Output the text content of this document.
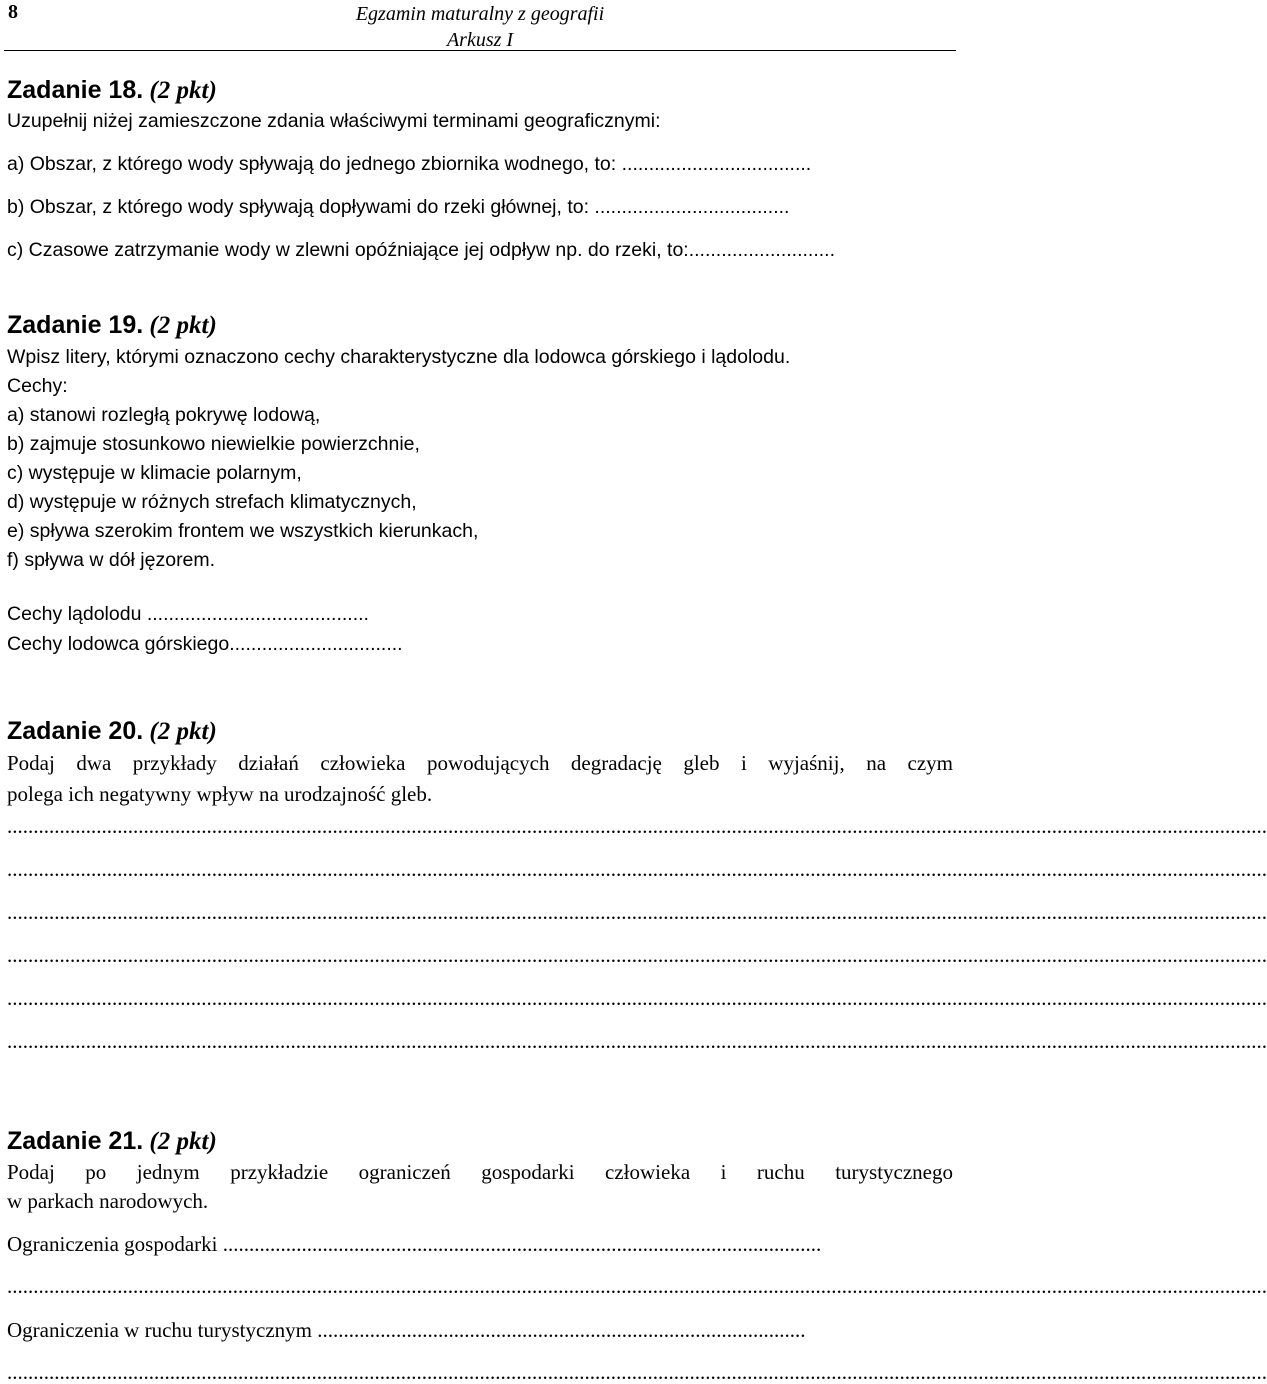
8	Egzamin maturalny z geografii
Arkusz I
Zadanie 18. (2 pkt)
Uzupełnij niżej zamieszczone zdania właściwymi terminami geograficznymi:
a) Obszar, z którego wody spływają do jednego zbiornika wodnego, to: ...................................
b) Obszar, z którego wody spływają dopływami do rzeki głównej, to: ....................................
c) Czasowe zatrzymanie wody w zlewni opóźniające jej odpływ np. do rzeki, to:...........................
Zadanie 19. (2 pkt)
Wpisz litery, którymi oznaczono cechy charakterystyczne dla lodowca górskiego i lądolodu.
Cechy:
a) stanowi rozległą pokrywę lodową,
b) zajmuje stosunkowo niewielkie powierzchnie,
c) występuje w klimacie polarnym,
d) występuje w różnych strefach klimatycznych,
e) spływa szerokim frontem we wszystkich kierunkach,
f) spływa w dół jęzorem.
Cechy lądolodu .........................................
Cechy lodowca górskiego................................
Zadanie 20. (2 pkt)
Podaj dwa przykłady działań człowieka powodujących degradację gleb i wyjaśnij, na czym
polega ich negatywny wpływ na urodzajność gleb.
................................................................................................................................................................................................................................................
................................................................................................................................................................................................................................................
................................................................................................................................................................................................................................................
................................................................................................................................................................................................................................................
................................................................................................................................................................................................................................................
................................................................................................................................................................................................................................................
Zadanie 21. (2 pkt)
Podaj po jednym przykładzie ograniczeń gospodarki człowieka i ruchu turystycznego
w parkach narodowych.
Ograniczenia gospodarki ..................................................................................................................
................................................................................................................................................................................................................................................
Ograniczenia w ruchu turystycznym .............................................................................................
................................................................................................................................................................................................................................................
